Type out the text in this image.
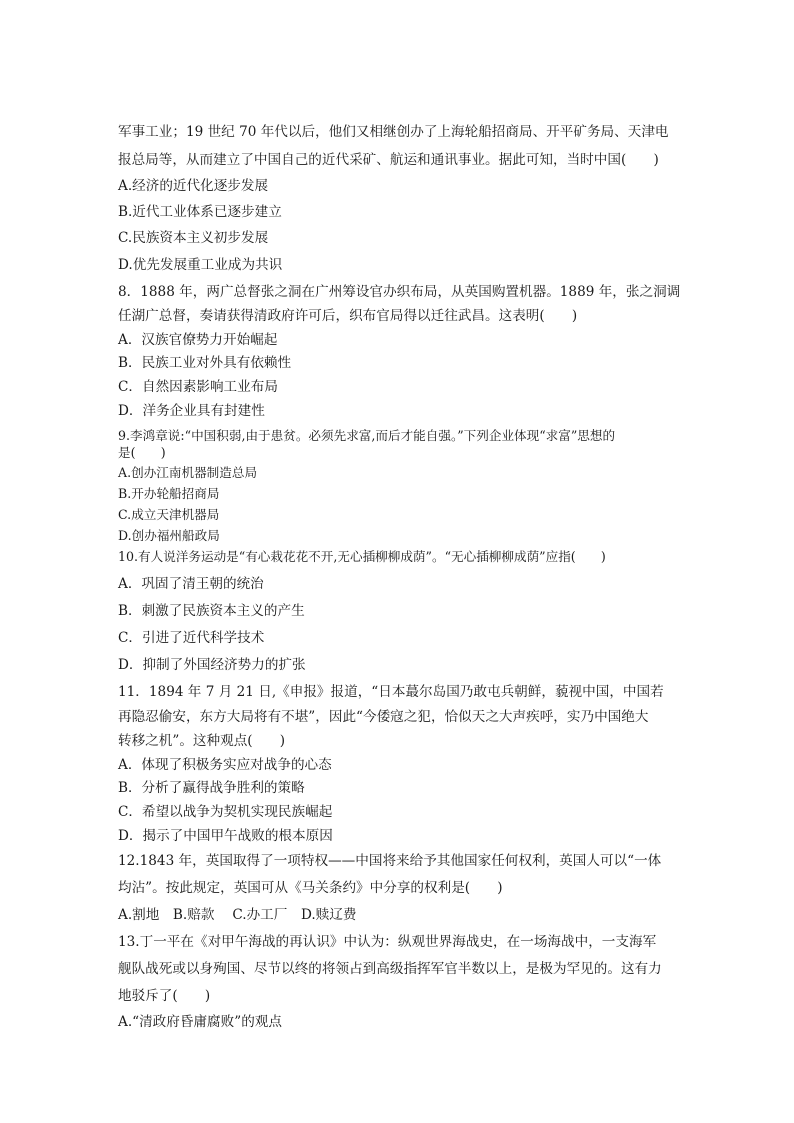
军事工业；19 世纪 70 年代以后，他们又相继创办了上海轮船招商局、开平矿务局、天津电

报总局等，从而建立了中国自己的近代采矿、航运和通讯事业。据此可知，当时中国(　　)

A.经济的近代化逐步发展

B.近代工业体系已逐步建立

C.民族资本主义初步发展

D.优先发展重工业成为共识

8．1888 年，两广总督张之洞在广州筹设官办织布局，从英国购置机器。1889 年，张之洞调

任湖广总督，奏请获得清政府许可后，织布官局得以迁往武昌。这表明(　　)

A．汉族官僚势力开始崛起

B．民族工业对外具有依赖性

C．自然因素影响工业布局

D．洋务企业具有封建性

9.李鸿章说:“中国积弱,由于患贫。必须先求富,而后才能自强。”下列企业体现“求富”思想的

是(　　)

A.创办江南机器制造总局

B.开办轮船招商局

C.成立天津机器局

D.创办福州船政局

10.有人说洋务运动是“有心栽花花不开,无心插柳柳成荫”。“无心插柳柳成荫”应指(　　)

A．巩固了清王朝的统治

B．刺激了民族资本主义的产生

C．引进了近代科学技术

D．抑制了外国经济势力的扩张

11．1894 年 7 月 21 日,《申报》报道，“日本蕞尔岛国乃敢屯兵朝鲜，藐视中国，中国若

再隐忍偷安，东方大局将有不堪”，因此“今倭寇之犯，恰似天之大声疾呼，实乃中国绝大

转移之机”。这种观点(　　)

A．体现了积极务实应对战争的心态

B．分析了赢得战争胜利的策略

C．希望以战争为契机实现民族崛起

D．揭示了中国甲午战败的根本原因

12.1843 年，英国取得了一项特权——中国将来给予其他国家任何权利，英国人可以“一体

均沾”。按此规定，英国可从《马关条约》中分享的权利是(　　)

A.割地　B.赔款　 C.办工厂　D.赎辽费

13.丁一平在《对甲午海战的再认识》中认为：纵观世界海战史，在一场海战中，一支海军

舰队战死或以身殉国、尽节以终的将领占到高级指挥军官半数以上，是极为罕见的。这有力

地驳斥了(　　)

A.“清政府昏庸腐败”的观点
